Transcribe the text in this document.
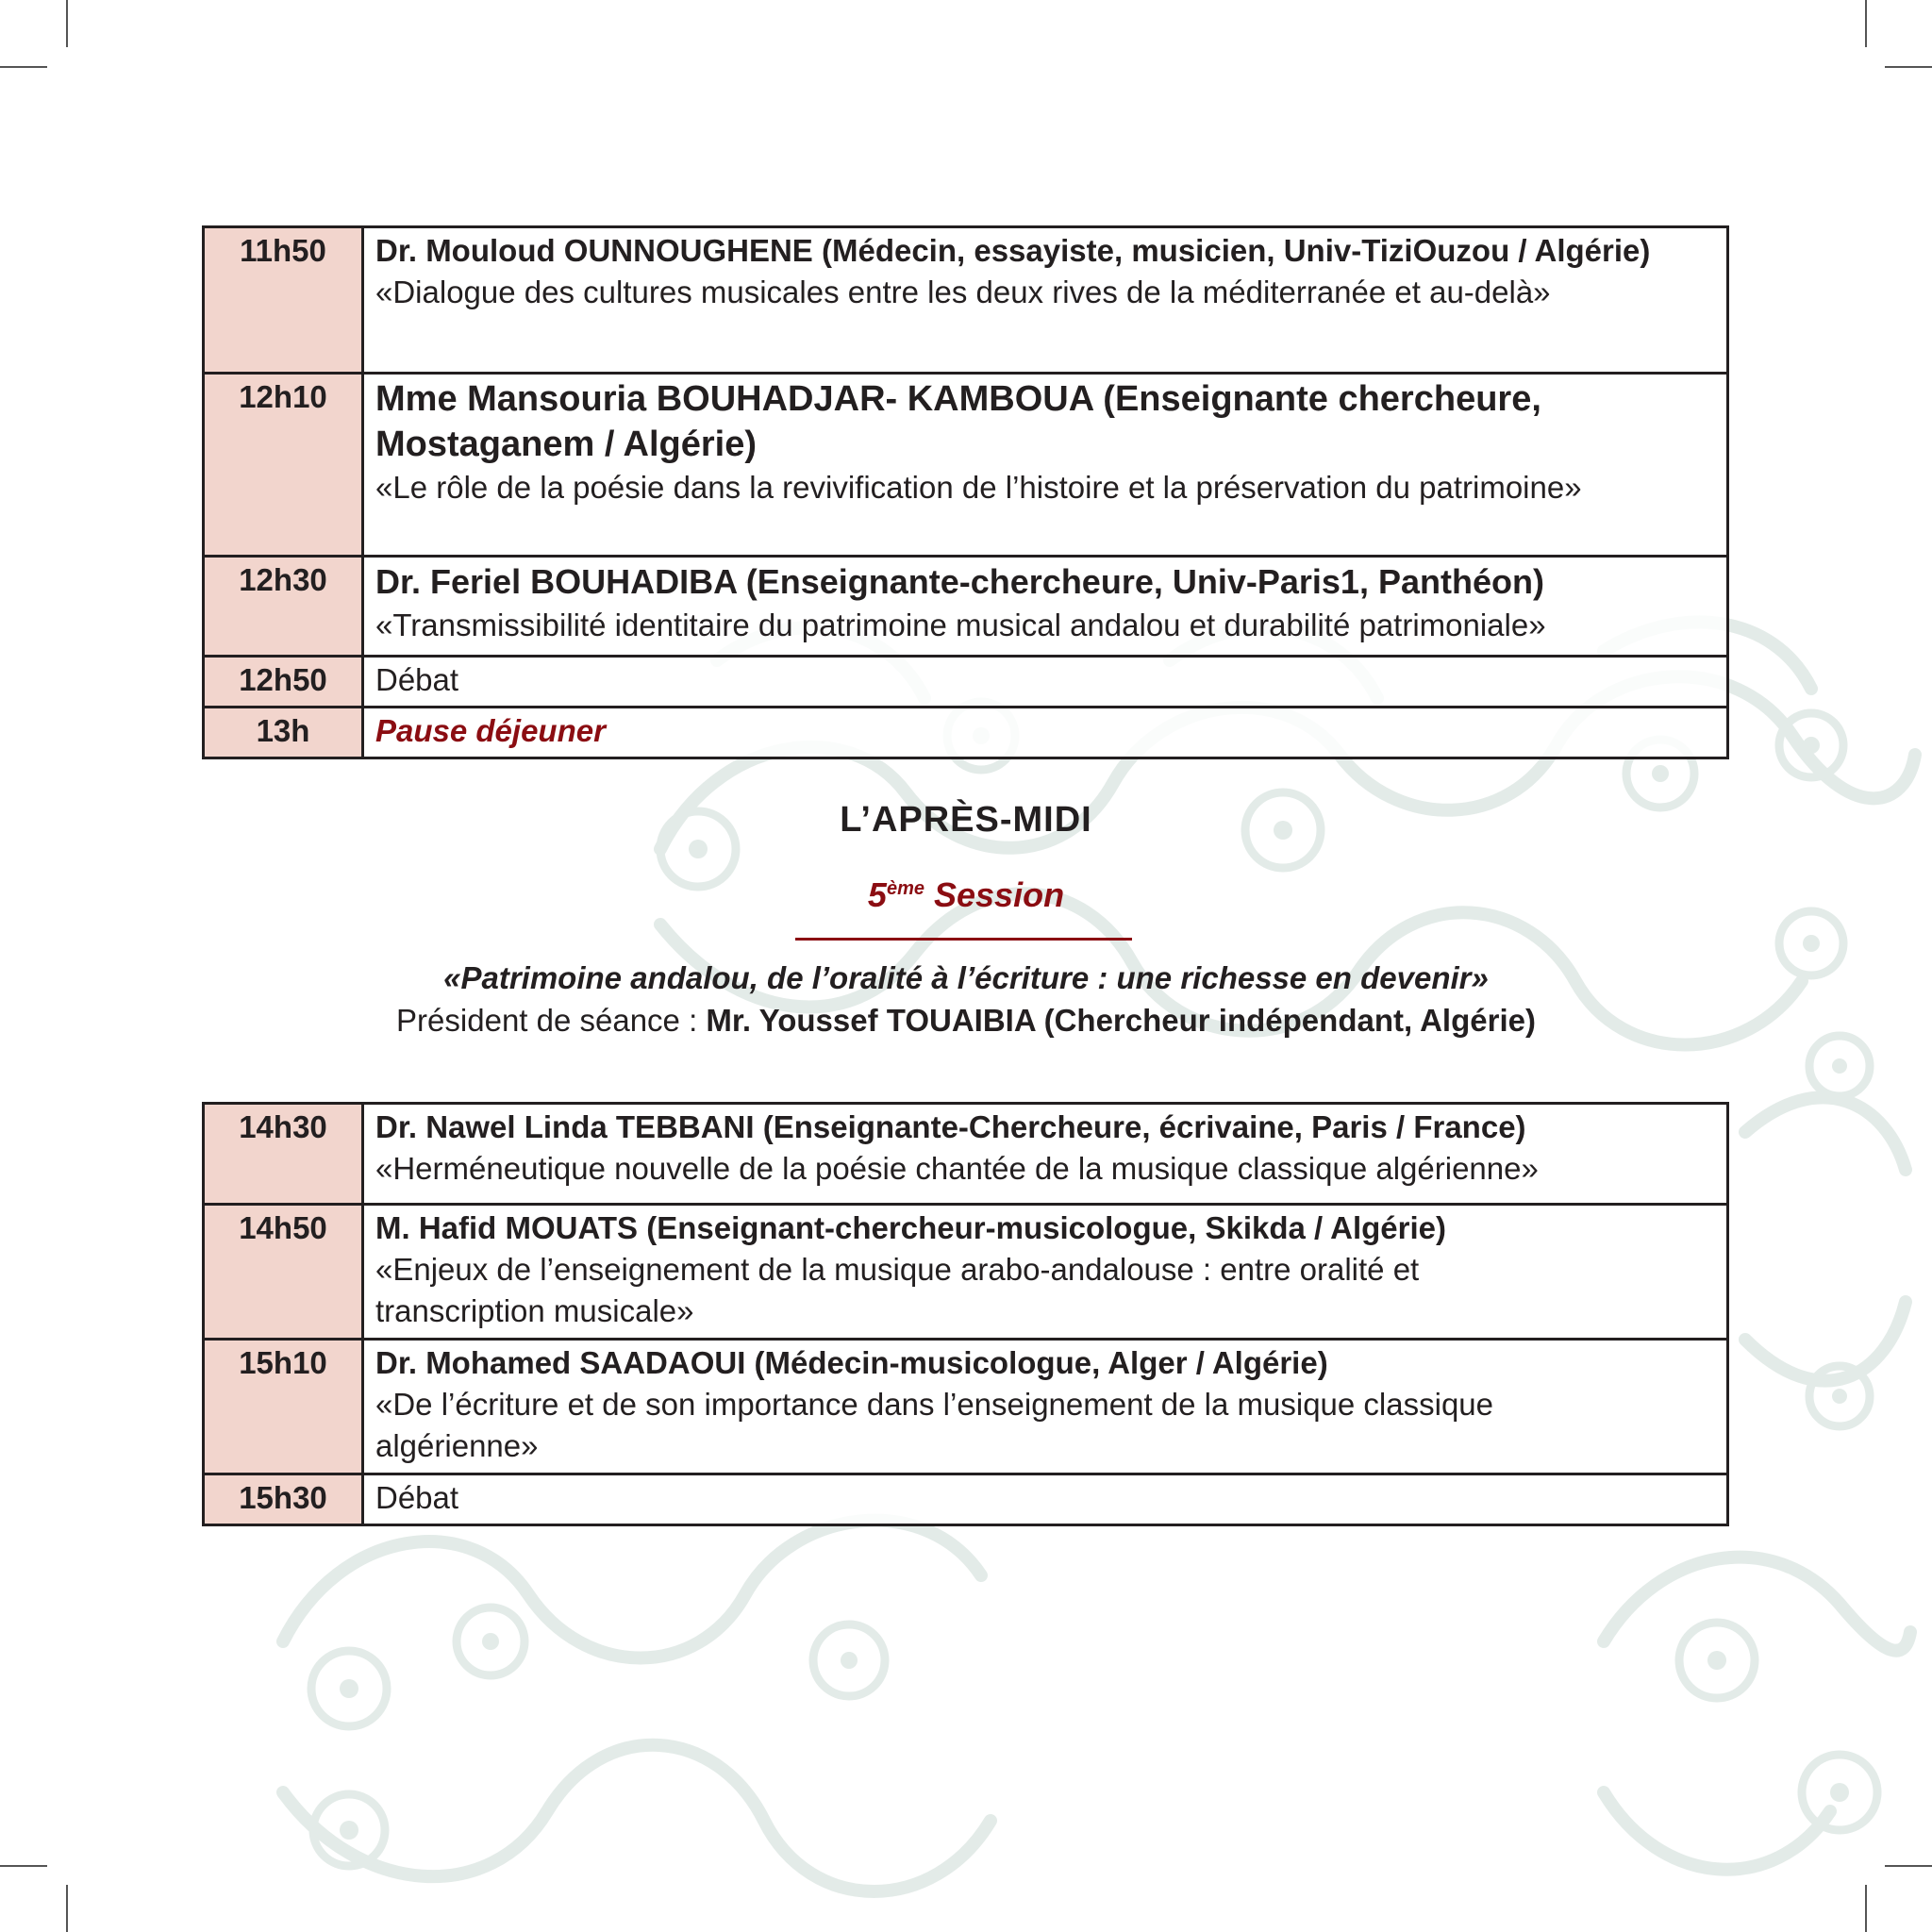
11h50	Dr. Mouloud OUNNOUGHENE (Médecin, essayiste, musicien, Univ-TiziOuzou / Algérie)
«Dialogue des cultures musicales entre les deux rives de la méditerranée et au-delà»

12h10	Mme Mansouria BOUHADJAR- KAMBOUA (Enseignante chercheure, Mostaganem / Algérie)
«Le rôle de la poésie dans la revivification de l’histoire et la préservation du patrimoine»

12h30	Dr. Feriel BOUHADIBA (Enseignante-chercheure, Univ-Paris1, Panthéon)
«Transmissibilité identitaire du patrimoine musical andalou et durabilité patrimoniale»

12h50	Débat
13h	Pause déjeuner
L’APRÈS-MIDI
5ème Session
«Patrimoine andalou, de l’oralité à l’écriture : une richesse en devenir»
Président de séance : Mr. Youssef TOUAIBIA (Chercheur indépendant, Algérie)
14h30	Dr. Nawel Linda TEBBANI (Enseignante-Chercheure, écrivaine, Paris / France)
«Herméneutique nouvelle de la poésie chantée de la musique classique algérienne»

14h50	M. Hafid MOUATS (Enseignant-chercheur-musicologue, Skikda / Algérie)
«Enjeux de l’enseignement de la musique arabo-andalouse : entre oralité et transcription musicale»

15h10	Dr. Mohamed SAADAOUI (Médecin-musicologue, Alger / Algérie)
«De l’écriture et de son importance dans l’enseignement de la musique classique algérienne»

15h30	Débat
